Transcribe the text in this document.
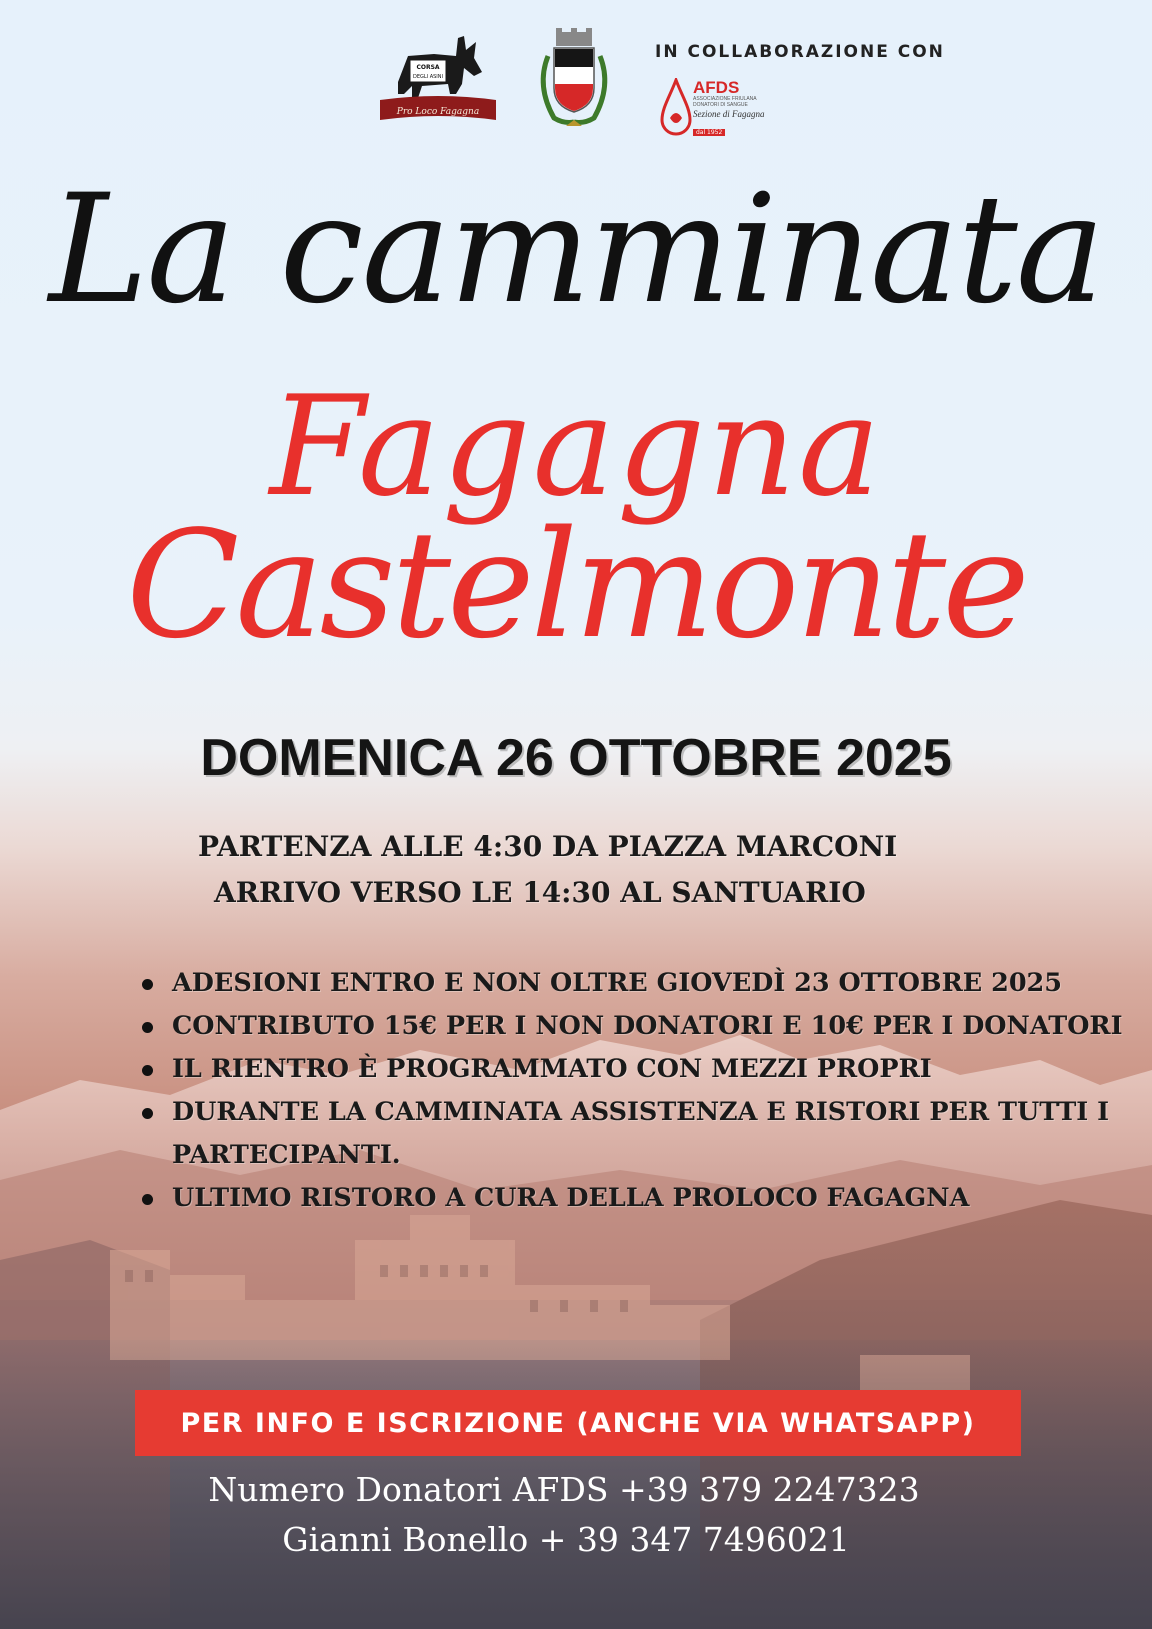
CORSA
DEGLI ASINI
Pro Loco Fagagna
IN COLLABORAZIONE CON
AFDS
ASSOCIAZIONE FRIULANA DONATORI DI SANGUE
Sezione di Fagagna
dal 1952
La camminata
Fagagna
Castelmonte
DOMENICA 26 OTTOBRE 2025
PARTENZA ALLE 4:30 DA PIAZZA MARCONI
ARRIVO VERSO LE 14:30 AL SANTUARIO
ADESIONI ENTRO E NON OLTRE GIOVEDÌ 23 OTTOBRE 2025
CONTRIBUTO 15€ PER I NON DONATORI E 10€ PER I DONATORI
IL RIENTRO È PROGRAMMATO CON MEZZI PROPRI
DURANTE LA CAMMINATA ASSISTENZA E RISTORI PER TUTTI I PARTECIPANTI.
ULTIMO RISTORO A CURA DELLA PROLOCO FAGAGNA
PER INFO E ISCRIZIONE (ANCHE VIA WHATSAPP)
Numero Donatori AFDS +39 379 2247323
Gianni Bonello + 39 347 7496021
